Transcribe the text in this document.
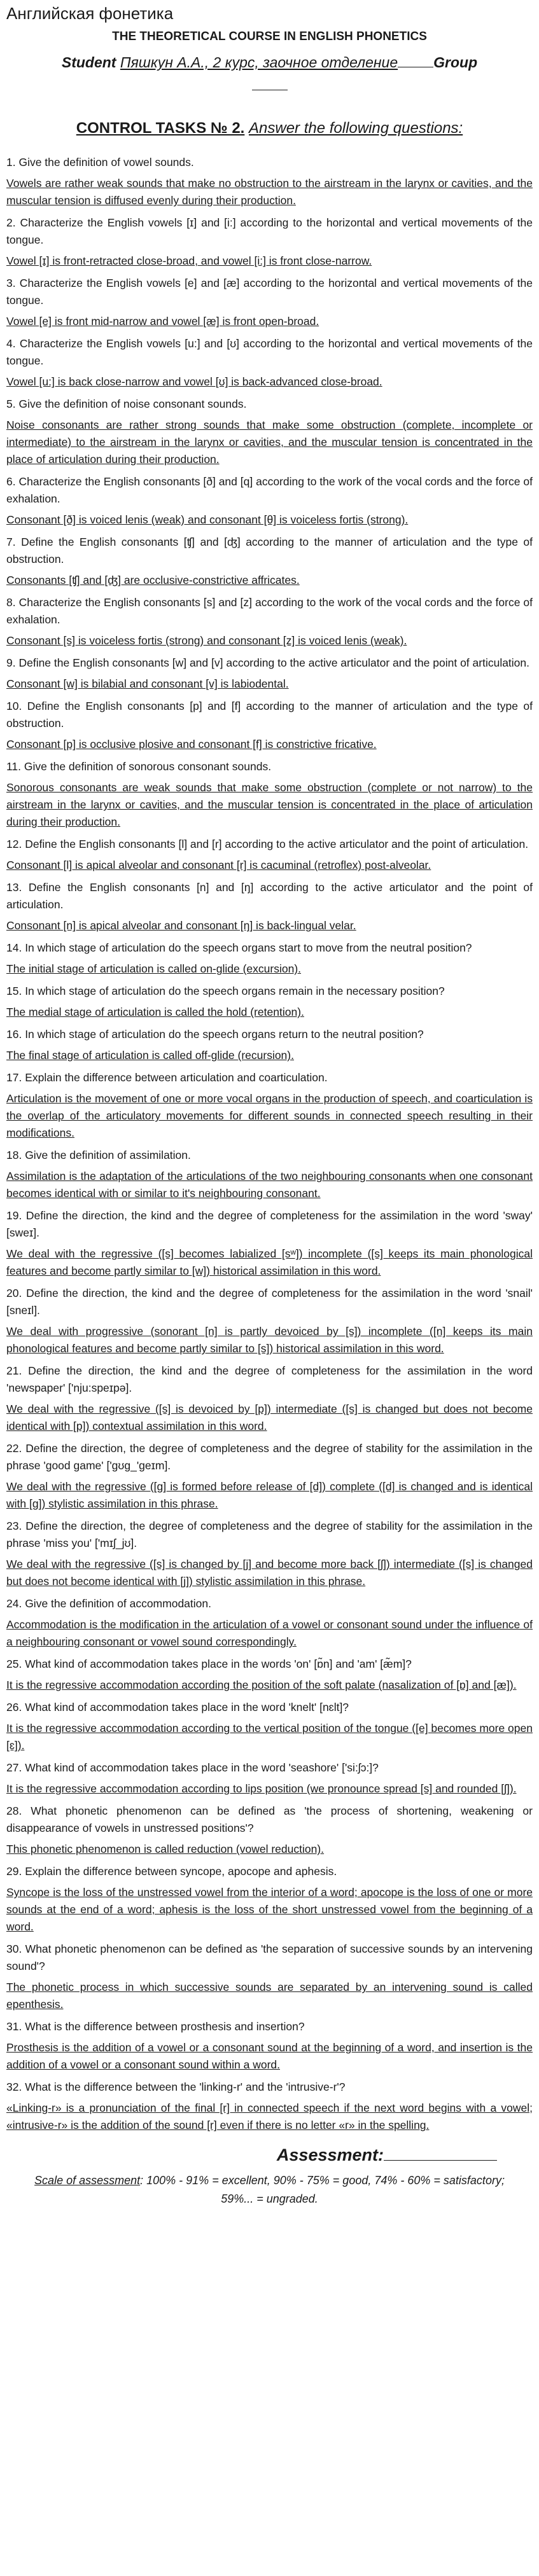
Английская фонетика
THE THEORETICAL COURSE IN ENGLISH PHONETICS
Student Пяшкун А.А., 2 курс, заочное отделение Group

CONTROL TASKS № 2. Answer the following questions:
1. Give the definition of vowel sounds.
Vowels are rather weak sounds that make no obstruction to the airstream in the larynx or cavities, and the muscular tension is diffused evenly during their production.
2. Characterize the English vowels [ɪ] and [i:] according to the horizontal and vertical movements of the tongue.
Vowel [ɪ] is front-retracted close-broad, and vowel [i:] is front close-narrow.
3. Characterize the English vowels [e] and [æ] according to the horizontal and vertical movements of the tongue.
Vowel [e] is front mid-narrow and vowel [æ] is front open-broad.
4. Characterize the English vowels [u:] and [ʊ] according to the horizontal and vertical movements of the tongue.
Vowel [u:] is back close-narrow and vowel [ʊ] is back-advanced close-broad.
5. Give the definition of noise consonant sounds.
Noise consonants are rather strong sounds that make some obstruction (complete, incomplete or intermediate) to the airstream in the larynx or cavities, and the muscular tension is concentrated in the place of articulation during their production.
6. Characterize the English consonants [ð] and [q] according to the work of the vocal cords and the force of exhalation.
Consonant [ð] is voiced lenis (weak) and consonant [θ] is voiceless fortis (strong).
7. Define the English consonants [ʧ] and [ʤ] according to the manner of articulation and the type of obstruction.
Consonants [ʧ] and [ʤ] are occlusive-constrictive affricates.
8. Characterize the English consonants [s] and [z] according to the work of the vocal cords and the force of exhalation.
Consonant [s] is voiceless fortis (strong) and consonant [z] is voiced lenis (weak).
9. Define the English consonants [w] and [v] according to the active articulator and the point of articulation.
Consonant [w] is bilabial and consonant [v] is labiodental.
10. Define the English consonants [p] and [f] according to the manner of articulation and the type of obstruction.
Consonant [p] is occlusive plosive and consonant [f] is constrictive fricative.
11. Give the definition of sonorous consonant sounds.
Sonorous consonants are weak sounds that make some obstruction (complete or not narrow) to the airstream in the larynx or cavities, and the muscular tension is concentrated in the place of articulation during their production.
12. Define the English consonants [l] and [r] according to the active articulator and the point of articulation.
Consonant [l] is apical alveolar and consonant [r] is cacuminal (retroflex) post-alveolar.
13. Define the English consonants [n] and [ŋ] according to the active articulator and the point of articulation.
Consonant [n] is apical alveolar and consonant [ŋ] is back-lingual velar.
14. In which stage of articulation do the speech organs start to move from the neutral position?
The initial stage of articulation is called on-glide (excursion).
15. In which stage of articulation do the speech organs remain in the necessary position?
The medial stage of articulation is called the hold (retention).
16. In which stage of articulation do the speech organs return to the neutral position?
The final stage of articulation is called off-glide (recursion).
17. Explain the difference between articulation and coarticulation.
Articulation is the movement of one or more vocal organs in the production of speech, and coarticulation is the overlap of the articulatory movements for different sounds in connected speech resulting in their modifications.
18. Give the definition of assimilation.
Assimilation is the adaptation of the articulations of the two neighbouring consonants when one consonant becomes identical with or similar to it's neighbouring consonant.
19. Define the direction, the kind and the degree of completeness for the assimilation in the word 'sway' [sweɪ].
We deal with the regressive ([s] becomes labialized [sʷ]) incomplete ([s] keeps its main phonological features and become partly similar to [w]) historical assimilation in this word.
20. Define the direction, the kind and the degree of completeness for the assimilation in the word 'snail' [sneɪl].
We deal with progressive (sonorant [n] is partly devoiced by [s]) incomplete ([n] keeps its main phonological features and become partly similar to [s]) historical assimilation in this word.
21. Define the direction, the kind and the degree of completeness for the assimilation in the word 'newspaper' ['nju:speɪpə].
We deal with the regressive ([s] is devoiced by [p]) intermediate ([s] is changed but does not become identical with [p]) contextual assimilation in this word.
22. Define the direction, the degree of completeness and the degree of stability for the assimilation in the phrase 'good game' ['gʊɡ_'geɪm].
We deal with the regressive ([g] is formed before release of [d]) complete ([d] is changed and is identical with [g]) stylistic assimilation in this phrase.
23. Define the direction, the degree of completeness and the degree of stability for the assimilation in the phrase 'miss you' ['mɪʃ_jʊ].
We deal with the regressive ([s] is changed by [j] and become more back [ʃ]) intermediate ([s] is changed but does not become identical with [j]) stylistic assimilation in this phrase.
24. Give the definition of accommodation.
Accommodation is the modification in the articulation of a vowel or consonant sound under the influence of a neighbouring consonant or vowel sound correspondingly.
25. What kind of accommodation takes place in the words 'on' [ɒ̃n] and 'am' [æ̃m]?
It is the regressive accommodation according the position of the soft palate (nasalization of [ɒ] and [æ]).
26. What kind of accommodation takes place in the word 'knelt' [nɛlt]?
It is the regressive accommodation according to the vertical position of the tongue ([e] becomes more open [ɛ]).
27. What kind of accommodation takes place in the word 'seashore' ['si:ʃɔ:]?
It is the regressive accommodation according to lips position (we pronounce spread [s] and rounded [ʃ]).
28. What phonetic phenomenon can be defined as 'the process of shortening, weakening or disappearance of vowels in unstressed positions'?
This phonetic phenomenon is called reduction (vowel reduction).
29. Explain the difference between syncope, apocope and aphesis.
Syncope is the loss of the unstressed vowel from the interior of a word; apocope is the loss of one or more sounds at the end of a word; aphesis is the loss of the short unstressed vowel from the beginning of a word.
30. What phonetic phenomenon can be defined as 'the separation of successive sounds by an intervening sound'?
The phonetic process in which successive sounds are separated by an intervening sound is called epenthesis.
31. What is the difference between prosthesis and insertion?
Prosthesis is the addition of a vowel or a consonant sound at the beginning of a word, and insertion is the addition of a vowel or a consonant sound within a word.
32. What is the difference between the 'linking-r' and the 'intrusive-r'?
«Linking-r» is a pronunciation of the final [r] in connected speech if the next word begins with a vowel; «intrusive-r» is the addition of the sound [r] even if there is no letter «r» in the spelling.
Assessment:
Scale of assessment: 100% - 91% = excellent, 90% - 75% = good, 74% - 60% = satisfactory; 59%... = ungraded.
